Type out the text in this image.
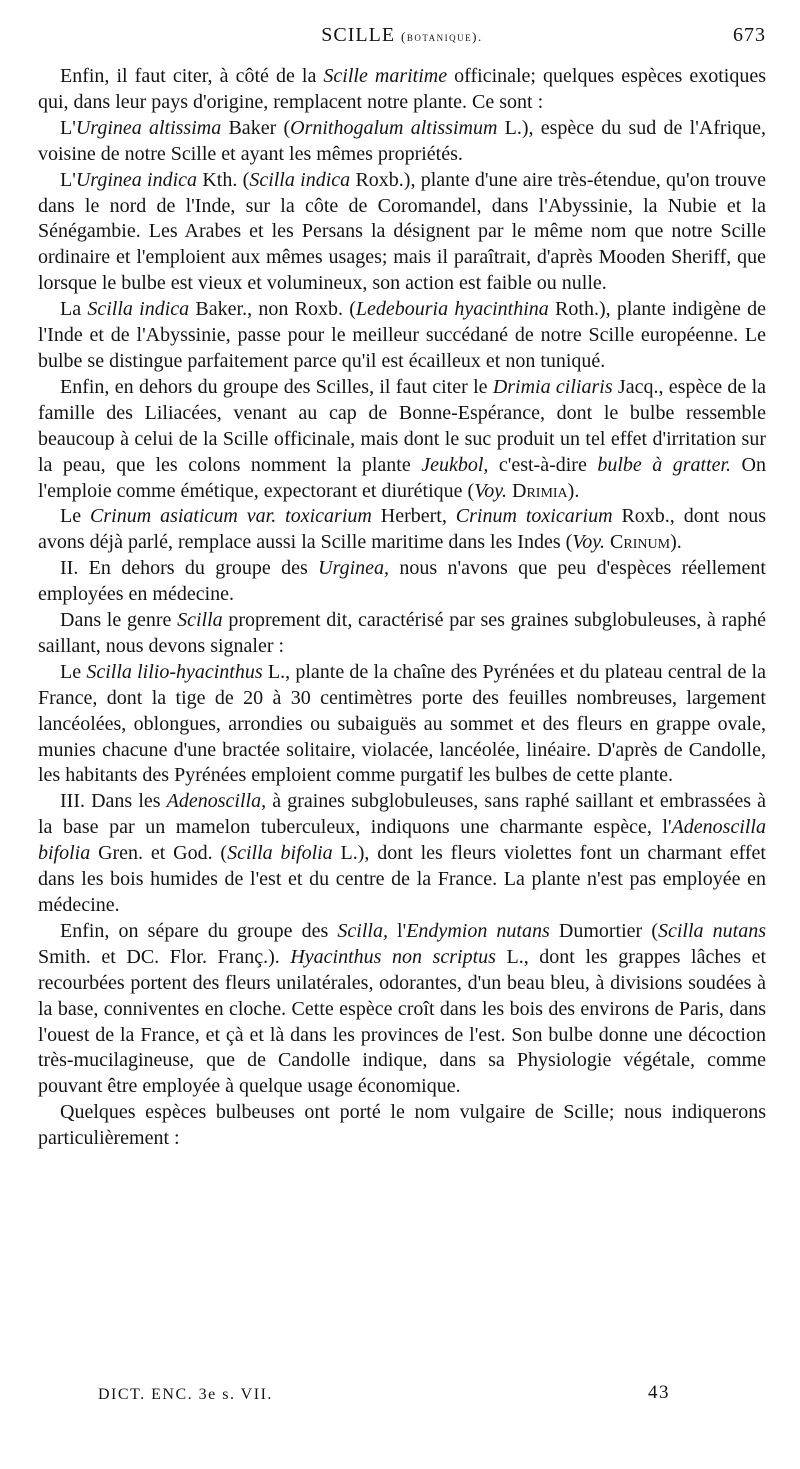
SCILLE (botanique).	673

Enfin, il faut citer, à côté de la Scille maritime officinale; quelques espèces exotiques qui, dans leur pays d'origine, remplacent notre plante. Ce sont :

L'Urginea altissima Baker (Ornithogalum altissimum L.), espèce du sud de l'Afrique, voisine de notre Scille et ayant les mêmes propriétés.

L'Urginea indica Kth. (Scilla indica Roxb.), plante d'une aire très-étendue, qu'on trouve dans le nord de l'Inde, sur la côte de Coromandel, dans l'Abyssinie, la Nubie et la Sénégambie. Les Arabes et les Persans la désignent par le même nom que notre Scille ordinaire et l'emploient aux mêmes usages; mais il paraîtrait, d'après Mooden Sheriff, que lorsque le bulbe est vieux et volumineux, son action est faible ou nulle.

La Scilla indica Baker., non Roxb. (Ledebouria hyacinthina Roth.), plante indigène de l'Inde et de l'Abyssinie, passe pour le meilleur succédané de notre Scille européenne. Le bulbe se distingue parfaitement parce qu'il est écailleux et non tuniqué.

Enfin, en dehors du groupe des Scilles, il faut citer le Drimia ciliaris Jacq., espèce de la famille des Liliacées, venant au cap de Bonne-Espérance, dont le bulbe ressemble beaucoup à celui de la Scille officinale, mais dont le suc produit un tel effet d'irritation sur la peau, que les colons nomment la plante Jeukbol, c'est-à-dire bulbe à gratter. On l'emploie comme émétique, expectorant et diurétique (Voy. Drimia).

Le Crinum asiaticum var. toxicarium Herbert, Crinum toxicarium Roxb., dont nous avons déjà parlé, remplace aussi la Scille maritime dans les Indes (Voy. Crinum).

II. En dehors du groupe des Urginea, nous n'avons que peu d'espèces réellement employées en médecine.

Dans le genre Scilla proprement dit, caractérisé par ses graines subglobuleuses, à raphé saillant, nous devons signaler :

Le Scilla lilio-hyacinthus L., plante de la chaîne des Pyrénées et du plateau central de la France, dont la tige de 20 à 30 centimètres porte des feuilles nombreuses, largement lancéolées, oblongues, arrondies ou subaiguës au sommet et des fleurs en grappe ovale, munies chacune d'une bractée solitaire, violacée, lancéolée, linéaire. D'après de Candolle, les habitants des Pyrénées emploient comme purgatif les bulbes de cette plante.

III. Dans les Adenoscilla, à graines subglobuleuses, sans raphé saillant et embrassées à la base par un mamelon tuberculeux, indiquons une charmante espèce, l'Adenoscilla bifolia Gren. et God. (Scilla bifolia L.), dont les fleurs violettes font un charmant effet dans les bois humides de l'est et du centre de la France. La plante n'est pas employée en médecine.

Enfin, on sépare du groupe des Scilla, l'Endymion nutans Dumortier (Scilla nutans Smith. et DC. Flor. Franç.). Hyacinthus non scriptus L., dont les grappes lâches et recourbées portent des fleurs unilatérales, odorantes, d'un beau bleu, à divisions soudées à la base, conniventes en cloche. Cette espèce croît dans les bois des environs de Paris, dans l'ouest de la France, et çà et là dans les provinces de l'est. Son bulbe donne une décoction très-mucilagineuse, que de Candolle indique, dans sa Physiologie végétale, comme pouvant être employée à quelque usage économique.

Quelques espèces bulbeuses ont porté le nom vulgaire de Scille; nous indiquerons particulièrement :

DICT. ENC. 3e s. VII.	43
